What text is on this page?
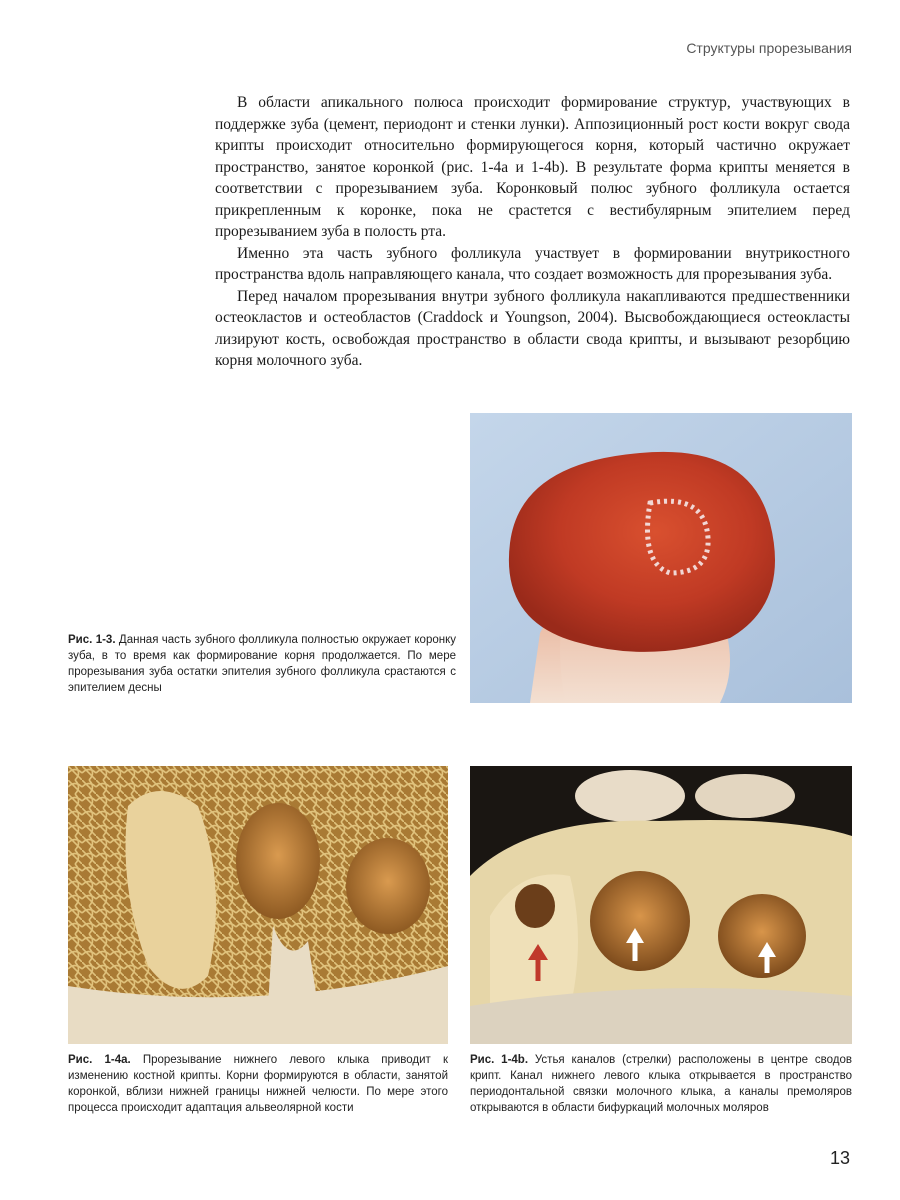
Структуры прорезывания

В области апикального полюса происходит формирование структур, участвующих в поддержке зуба (цемент, периодонт и стенки лунки). Аппозиционный рост кости вокруг свода крипты происходит относительно формирующегося корня, который частично окружает пространство, занятое коронкой (рис. 1-4a и 1-4b). В результате форма крипты меняется в соответствии с прорезыванием зуба. Коронковый полюс зубного фолликула остается прикрепленным к коронке, пока не срастется с вестибулярным эпителием перед прорезыванием зуба в полость рта.

Именно эта часть зубного фолликула участвует в формировании внутрикостного пространства вдоль направляющего канала, что создает возможность для прорезывания зуба.

Перед началом прорезывания внутри зубного фолликула накапливаются предшественники остеокластов и остеобластов (Craddock и Youngson, 2004). Высвобождающиеся остеокласты лизируют кость, освобождая пространство в области свода крипты, и вызывают резорбцию корня молочного зуба.

Рис. 1-3. Данная часть зубного фолликула полностью окружает коронку зуба, в то время как формирование корня продолжается. По мере прорезывания зуба остатки эпителия зубного фолликула срастаются с эпителием десны
Рис. 1-4a. Прорезывание нижнего левого клыка приводит к изменению костной крипты. Корни формируются в области, занятой коронкой, вблизи нижней границы нижней челюсти. По мере этого процесса происходит адаптация альвеолярной кости
Рис. 1-4b. Устья каналов (стрелки) расположены в центре сводов крипт. Канал нижнего левого клыка открывается в пространство периодонтальной связки молочного клыка, а каналы премоляров открываются в области бифуркаций молочных моляров
13
